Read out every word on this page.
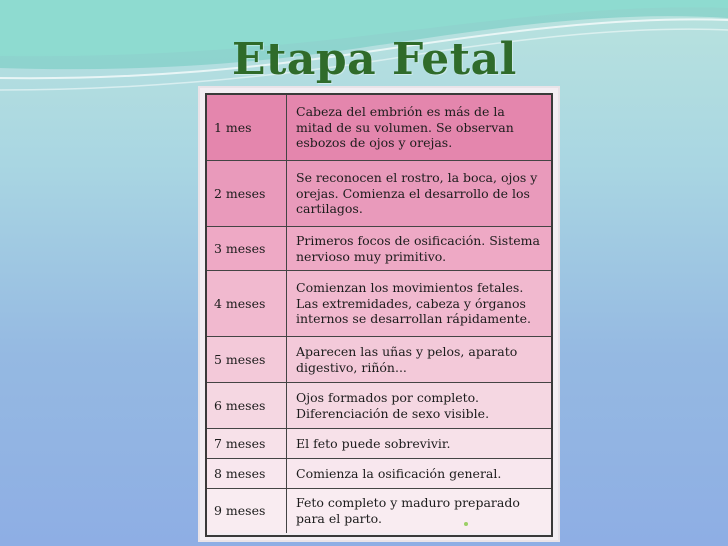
Etapa Fetal
1 mes
Cabeza del embrión es más de la mitad de su volumen. Se observan esbozos de ojos y orejas.
2 meses
Se reconocen el rostro, la boca, ojos y orejas. Comienza el desarrollo de los cartilagos.
3 meses
Primeros focos de osificación. Sistema nervioso muy primitivo.
4 meses
Comienzan los movimientos fetales. Las extremidades, cabeza y órganos internos se desarrollan rápidamente.
5 meses
Aparecen las uñas y pelos, aparato digestivo, riñón...
6 meses
Ojos formados por completo. Diferenciación de sexo visible.
7 meses	El feto puede sobrevivir.
8 meses	Comienza la osificación general.
9 meses
Feto completo y maduro preparado para el parto.
